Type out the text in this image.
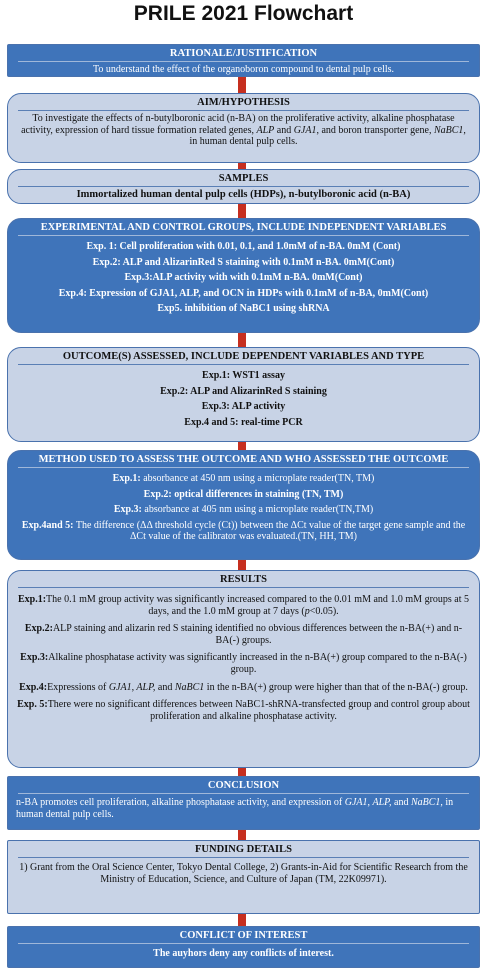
PRILE 2021 Flowchart
RATIONALE/JUSTIFICATION
To understand the effect of the organoboron compound to dental pulp cells.
AIM/HYPOTHESIS
To investigate the effects of n-butylboronic acid (n-BA) on the proliferative activity, alkaline phosphatase activity, expression of hard tissue formation related genes, ALP and GJA1, and boron transporter gene, NaBC1, in human dental pulp cells.
SAMPLES
Immortalized human dental pulp cells (HDPs), n-butylboronic acid (n-BA)
EXPERIMENTAL AND CONTROL GROUPS, INCLUDE INDEPENDENT VARIABLES
Exp. 1: Cell proliferation with 0.01, 0.1, and 1.0mM of n-BA. 0mM (Cont)
Exp.2: ALP and AlizarinRed S staining with 0.1mM n-BA. 0mM(Cont)
Exp.3:ALP activity with with 0.1mM n-BA. 0mM(Cont)
Exp.4: Expression of GJA1, ALP, and OCN in HDPs with 0.1mM of n-BA, 0mM(Cont)
Exp5. inhibition of NaBC1 using shRNA
OUTCOME(S) ASSESSED, INCLUDE DEPENDENT VARIABLES AND TYPE
Exp.1: WST1 assay
Exp.2: ALP and AlizarinRed S staining
Exp.3: ALP activity
Exp.4 and 5: real-time PCR
METHOD USED TO ASSESS THE OUTCOME AND WHO ASSESSED THE OUTCOME
Exp.1: absorbance at 450 nm using a microplate reader(TN, TM)
Exp.2: optical differences in staining (TN, TM)
Exp.3: absorbance at 405 nm using a microplate reader(TN,TM)
Exp.4and 5: The difference (ΔΔ threshold cycle (Ct)) between the ΔCt value of the target gene sample and the ΔCt value of the calibrator was evaluated.(TN, HH, TM)
RESULTS
Exp.1:The 0.1 mM group activity was significantly increased compared to the 0.01 mM and 1.0 mM groups at 5 days, and the 1.0 mM group at 7 days (p<0.05).
Exp.2:ALP staining and alizarin red S staining identified no obvious differences between the n-BA(+) and n-BA(-) groups.
Exp.3:Alkaline phosphatase activity was significantly increased in the n-BA(+) group compared to the n-BA(-) group.
Exp.4:Expressions of GJA1, ALP, and NaBC1 in the n-BA(+) group were higher than that of the n-BA(-) group.
Exp. 5:There were no significant differences between NaBC1-shRNA-transfected group and control group about proliferation and alkaline phosphatase activity.
CONCLUSION
n-BA promotes cell proliferation, alkaline phosphatase activity, and expression of GJA1, ALP, and NaBC1, in human dental pulp cells.
FUNDING DETAILS
1) Grant from the Oral Science Center, Tokyo Dental College, 2) Grants-in-Aid for Scientific Research from the Ministry of Education, Science, and Culture of Japan (TM, 22K09971).
CONFLICT OF INTEREST
The auyhors deny any conflicts of interest.
